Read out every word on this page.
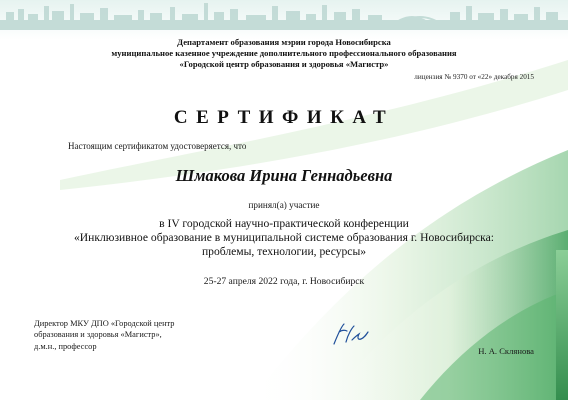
Департамент образования мэрии города Новосибирска
муниципальное казенное учреждение дополнительного профессионального образования
«Городской центр образования и здоровья «Магистр»
лицензия № 9370 от «22» декабря 2015
СЕРТИФИКАТ
Настоящим сертификатом удостоверяется, что
Шмакова Ирина Геннадьевна
принял(а) участие
в IV городской научно-практической конференции
«Инклюзивное образование в муниципальной системе образования г. Новосибирска:
проблемы, технологии, ресурсы»
25-27 апреля 2022 года, г. Новосибирск
Директор МКУ ДПО «Городской центр
образования и здоровья «Магистр»,
д.м.н., профессор	Н. А. Склянова
